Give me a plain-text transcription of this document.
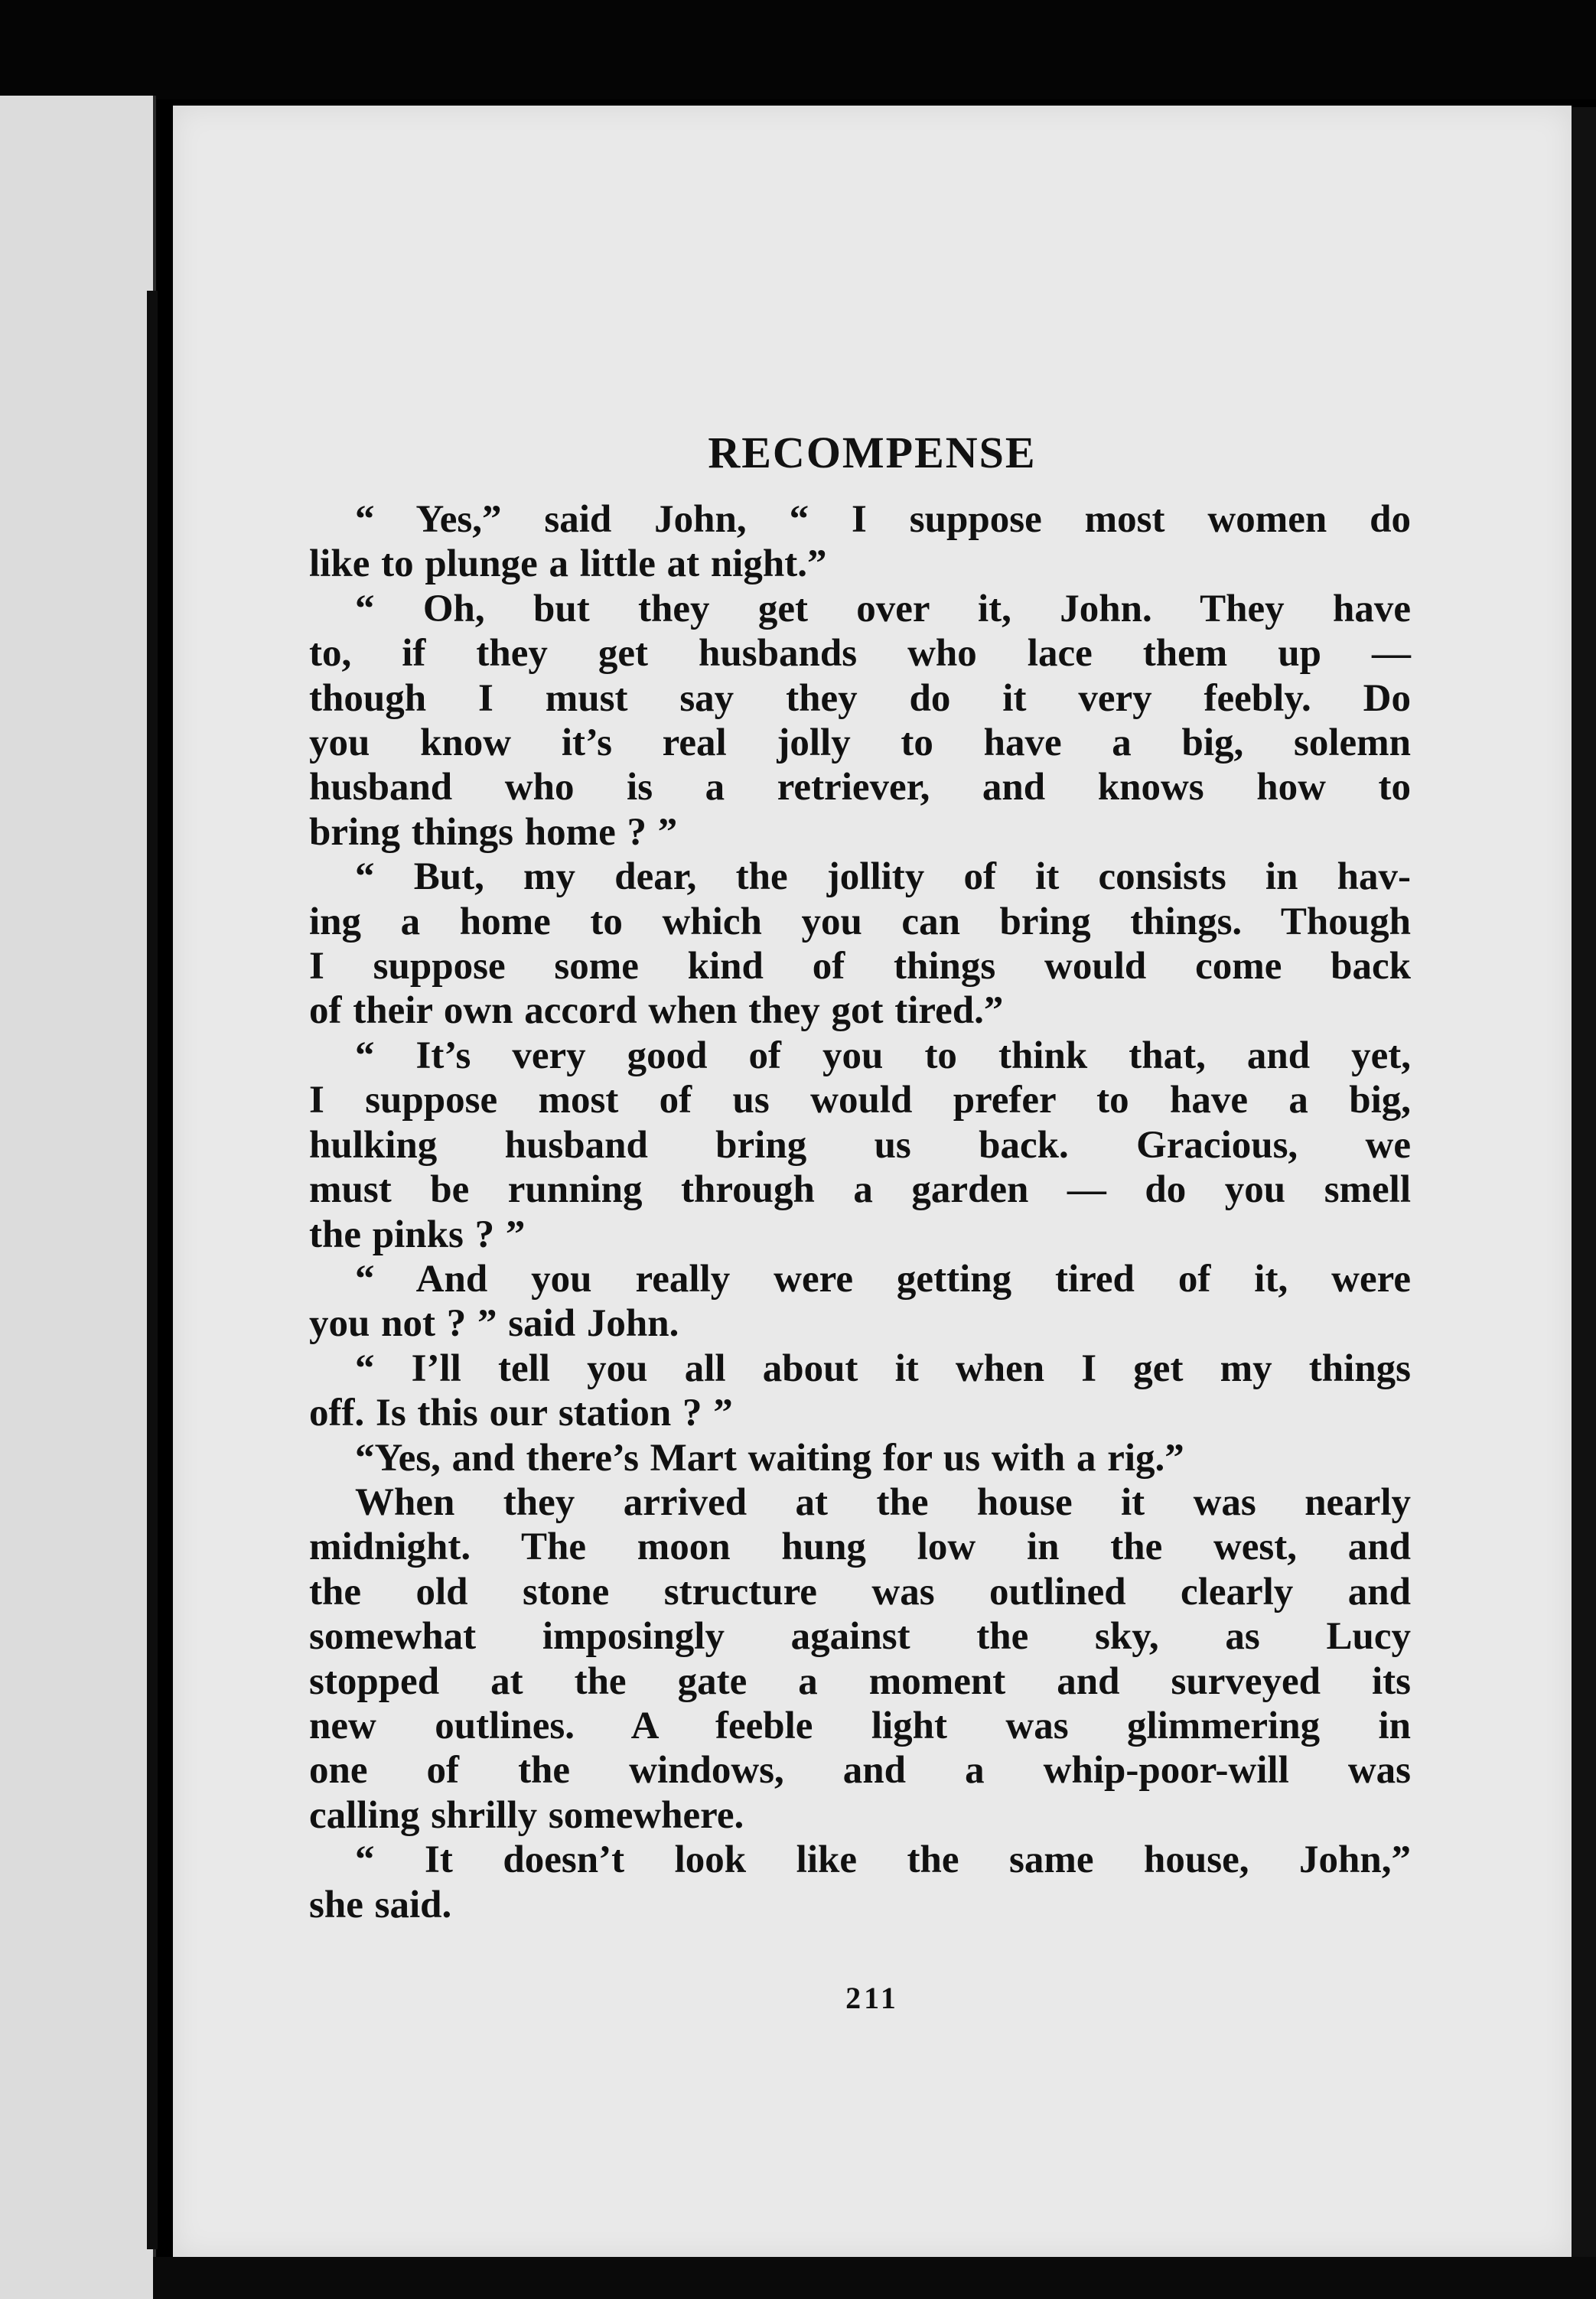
RECOMPENSE
“ Yes,” said John, “ I suppose most women do
like to plunge a little at night.”
“ Oh, but they get over it, John. They have
to, if they get husbands who lace them up —
though I must say they do it very feebly. Do
you know it’s real jolly to have a big, solemn
husband who is a retriever, and knows how to
bring things home ? ”
“ But, my dear, the jollity of it consists in hav-
ing a home to which you can bring things. Though
I suppose some kind of things would come back
of their own accord when they got tired.”
“ It’s very good of you to think that, and yet,
I suppose most of us would prefer to have a big,
hulking husband bring us back. Gracious, we
must be running through a garden — do you smell
the pinks ? ”
“ And you really were getting tired of it, were
you not ? ” said John.
“ I’ll tell you all about it when I get my things
off. Is this our station ? ”
“Yes, and there’s Mart waiting for us with a rig.”
When they arrived at the house it was nearly
midnight. The moon hung low in the west, and
the old stone structure was outlined clearly and
somewhat imposingly against the sky, as Lucy
stopped at the gate a moment and surveyed its
new outlines. A feeble light was glimmering in
one of the windows, and a whip-poor-will was
calling shrilly somewhere.
“ It doesn’t look like the same house, John,”
she said.
211
